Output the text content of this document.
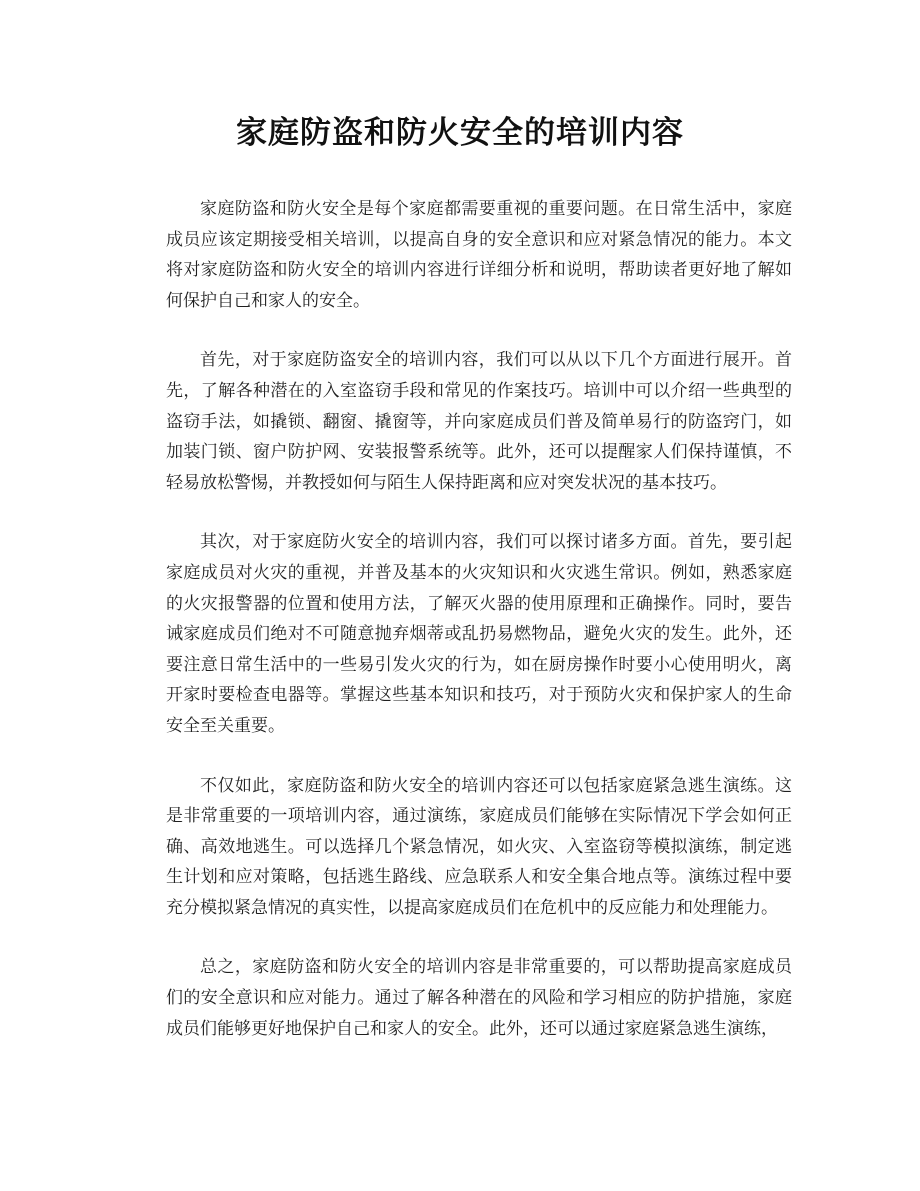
家庭防盗和防火安全的培训内容

家庭防盗和防火安全是每个家庭都需要重视的重要问题。在日常生活中，家庭成员应该定期接受相关培训，以提高自身的安全意识和应对紧急情况的能力。本文将对家庭防盗和防火安全的培训内容进行详细分析和说明，帮助读者更好地了解如何保护自己和家人的安全。

首先，对于家庭防盗安全的培训内容，我们可以从以下几个方面进行展开。首先，了解各种潜在的入室盗窃手段和常见的作案技巧。培训中可以介绍一些典型的盗窃手法，如撬锁、翻窗、撬窗等，并向家庭成员们普及简单易行的防盗窍门，如加装门锁、窗户防护网、安装报警系统等。此外，还可以提醒家人们保持谨慎，不轻易放松警惕，并教授如何与陌生人保持距离和应对突发状况的基本技巧。

其次，对于家庭防火安全的培训内容，我们可以探讨诸多方面。首先，要引起家庭成员对火灾的重视，并普及基本的火灾知识和火灾逃生常识。例如，熟悉家庭的火灾报警器的位置和使用方法，了解灭火器的使用原理和正确操作。同时，要告诫家庭成员们绝对不可随意抛弃烟蒂或乱扔易燃物品，避免火灾的发生。此外，还要注意日常生活中的一些易引发火灾的行为，如在厨房操作时要小心使用明火，离开家时要检查电器等。掌握这些基本知识和技巧，对于预防火灾和保护家人的生命安全至关重要。

不仅如此，家庭防盗和防火安全的培训内容还可以包括家庭紧急逃生演练。这是非常重要的一项培训内容，通过演练，家庭成员们能够在实际情况下学会如何正确、高效地逃生。可以选择几个紧急情况，如火灾、入室盗窃等模拟演练，制定逃生计划和应对策略，包括逃生路线、应急联系人和安全集合地点等。演练过程中要充分模拟紧急情况的真实性，以提高家庭成员们在危机中的反应能力和处理能力。

总之，家庭防盗和防火安全的培训内容是非常重要的，可以帮助提高家庭成员们的安全意识和应对能力。通过了解各种潜在的风险和学习相应的防护措施，家庭成员们能够更好地保护自己和家人的安全。此外，还可以通过家庭紧急逃生演练，
